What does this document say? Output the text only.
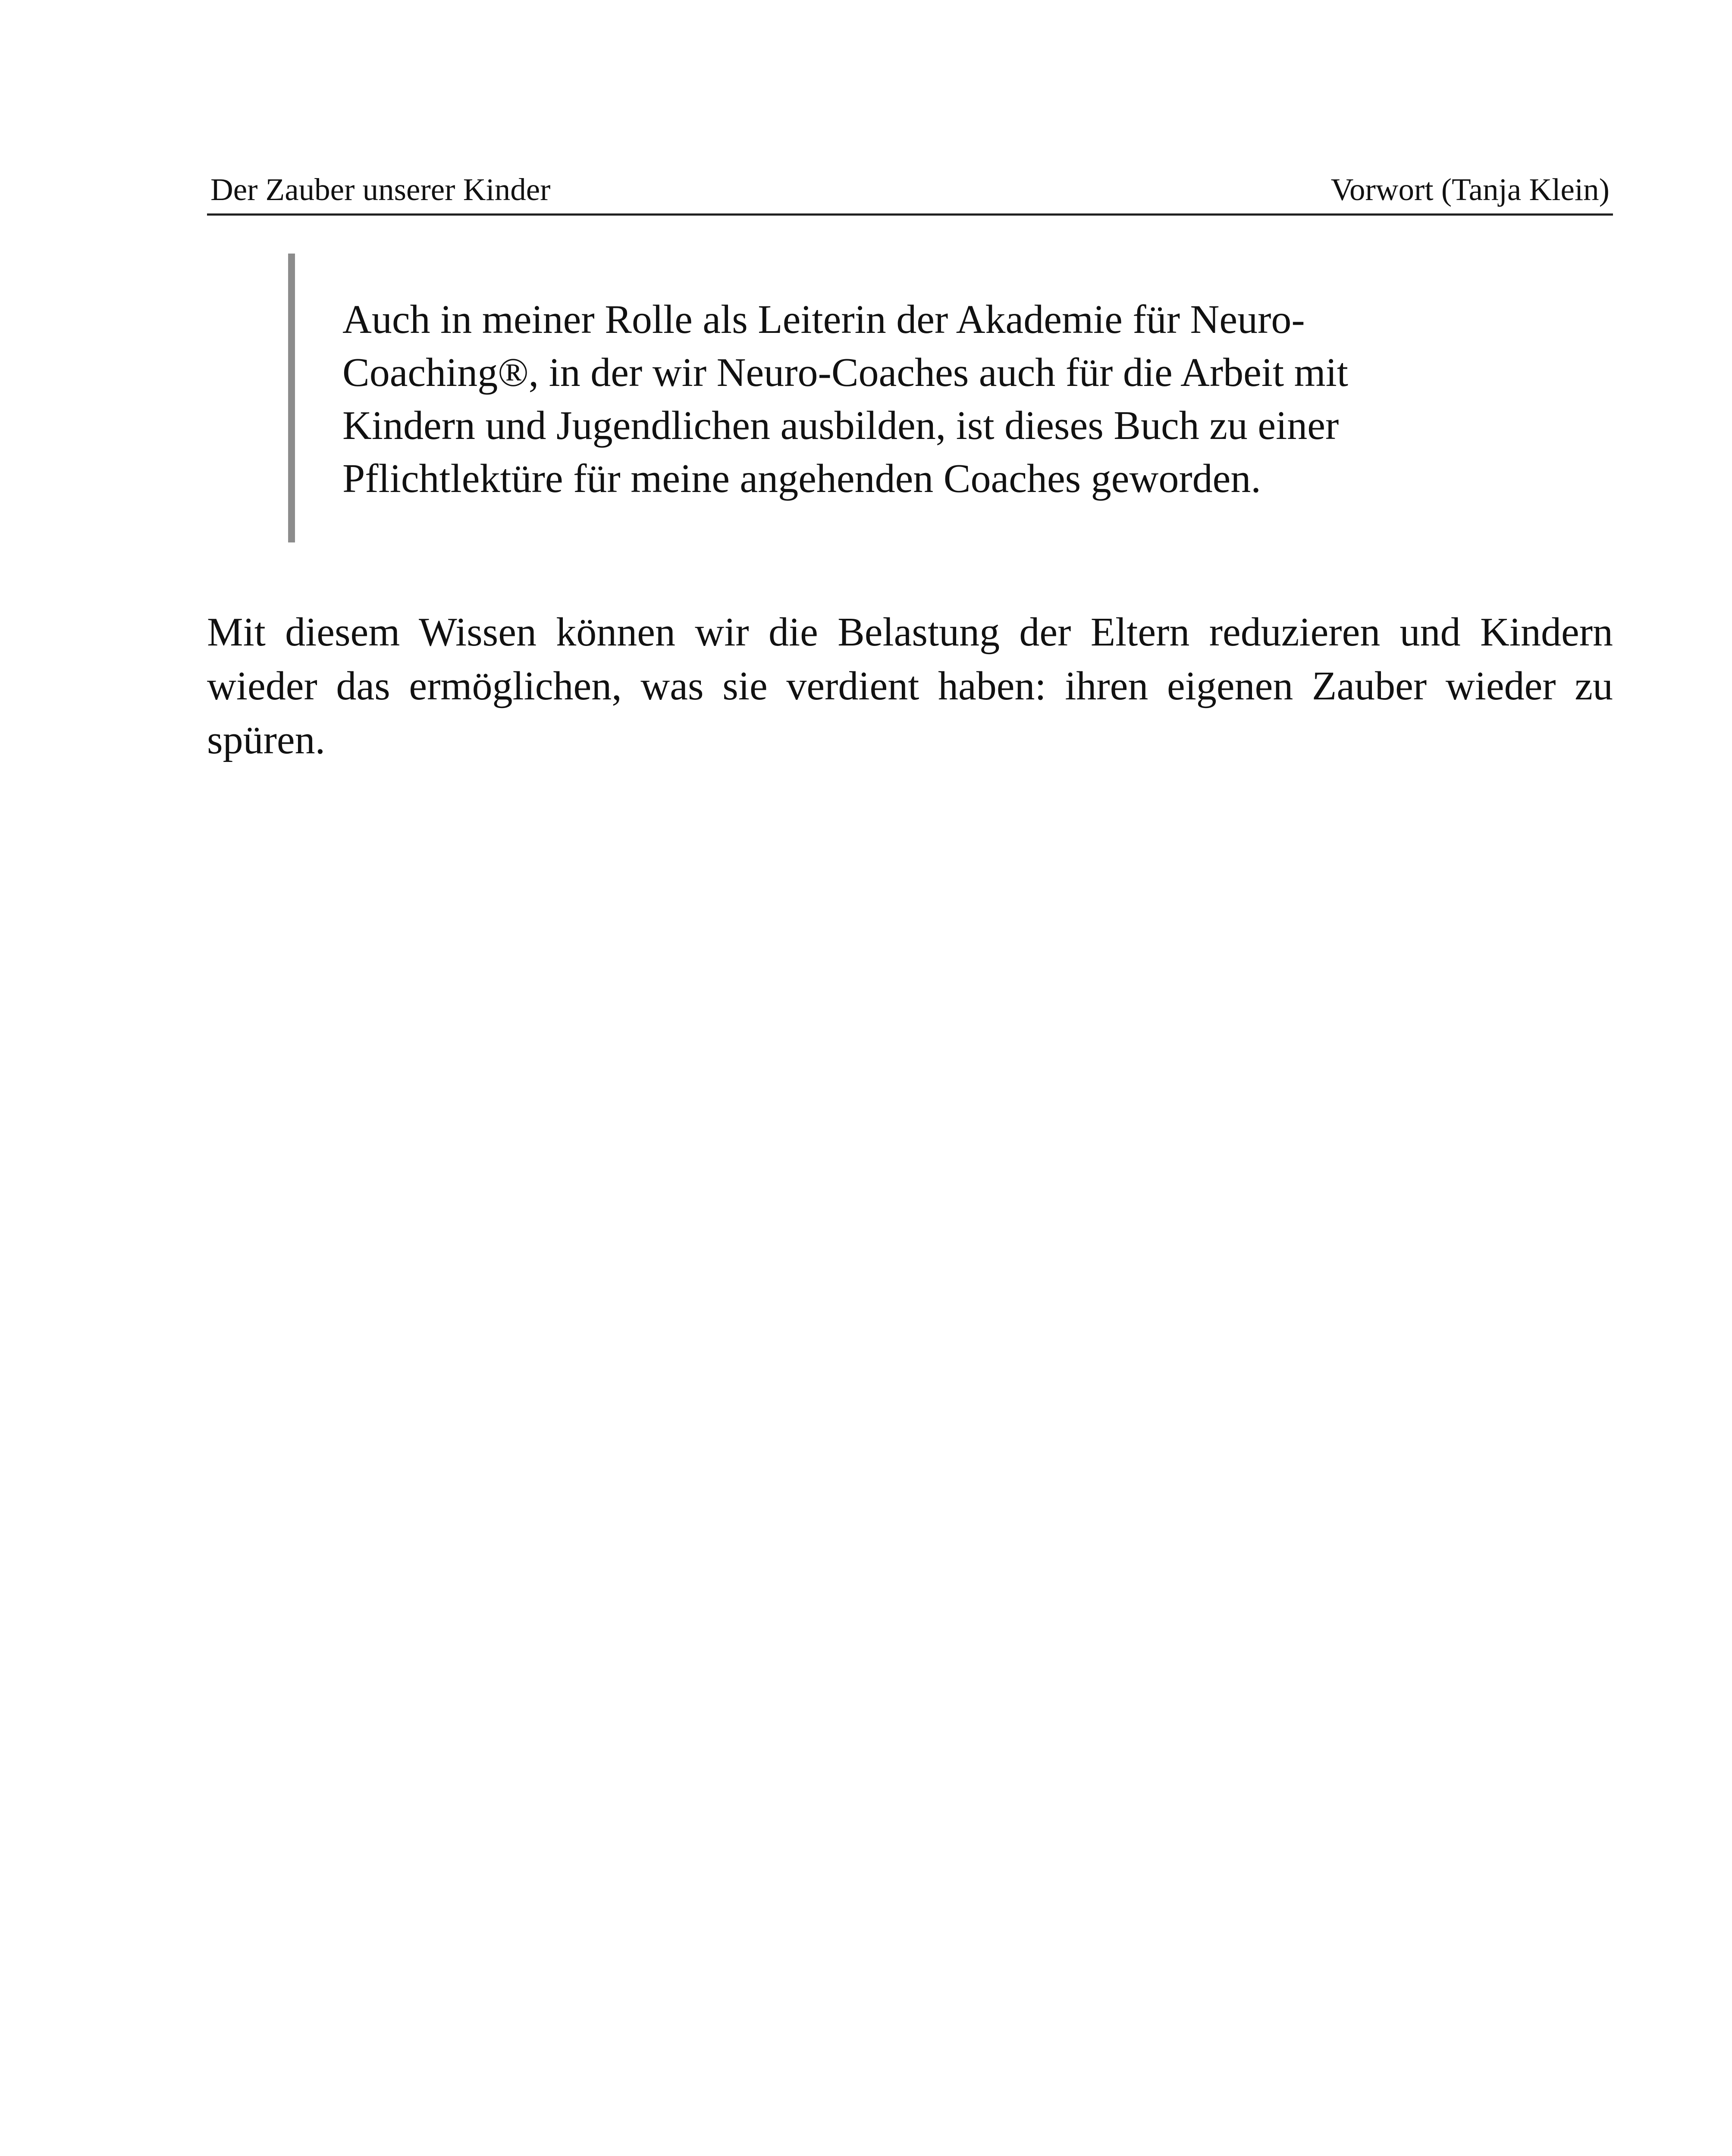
Der Zauber unserer Kinder	Vorwort (Tanja Klein)
Auch in meiner Rolle als Leiterin der Akademie für Neuro-
Coaching®, in der wir Neuro-Coaches auch für die Arbeit mit
Kindern und Jugendlichen ausbilden, ist dieses Buch zu einer
Pflichtlektüre für meine angehenden Coaches geworden.

Mit diesem Wissen können wir die Belastung der Eltern reduzieren und Kindern wieder das ermöglichen, was sie verdient haben: ihren eigenen Zauber wieder zu spüren.
